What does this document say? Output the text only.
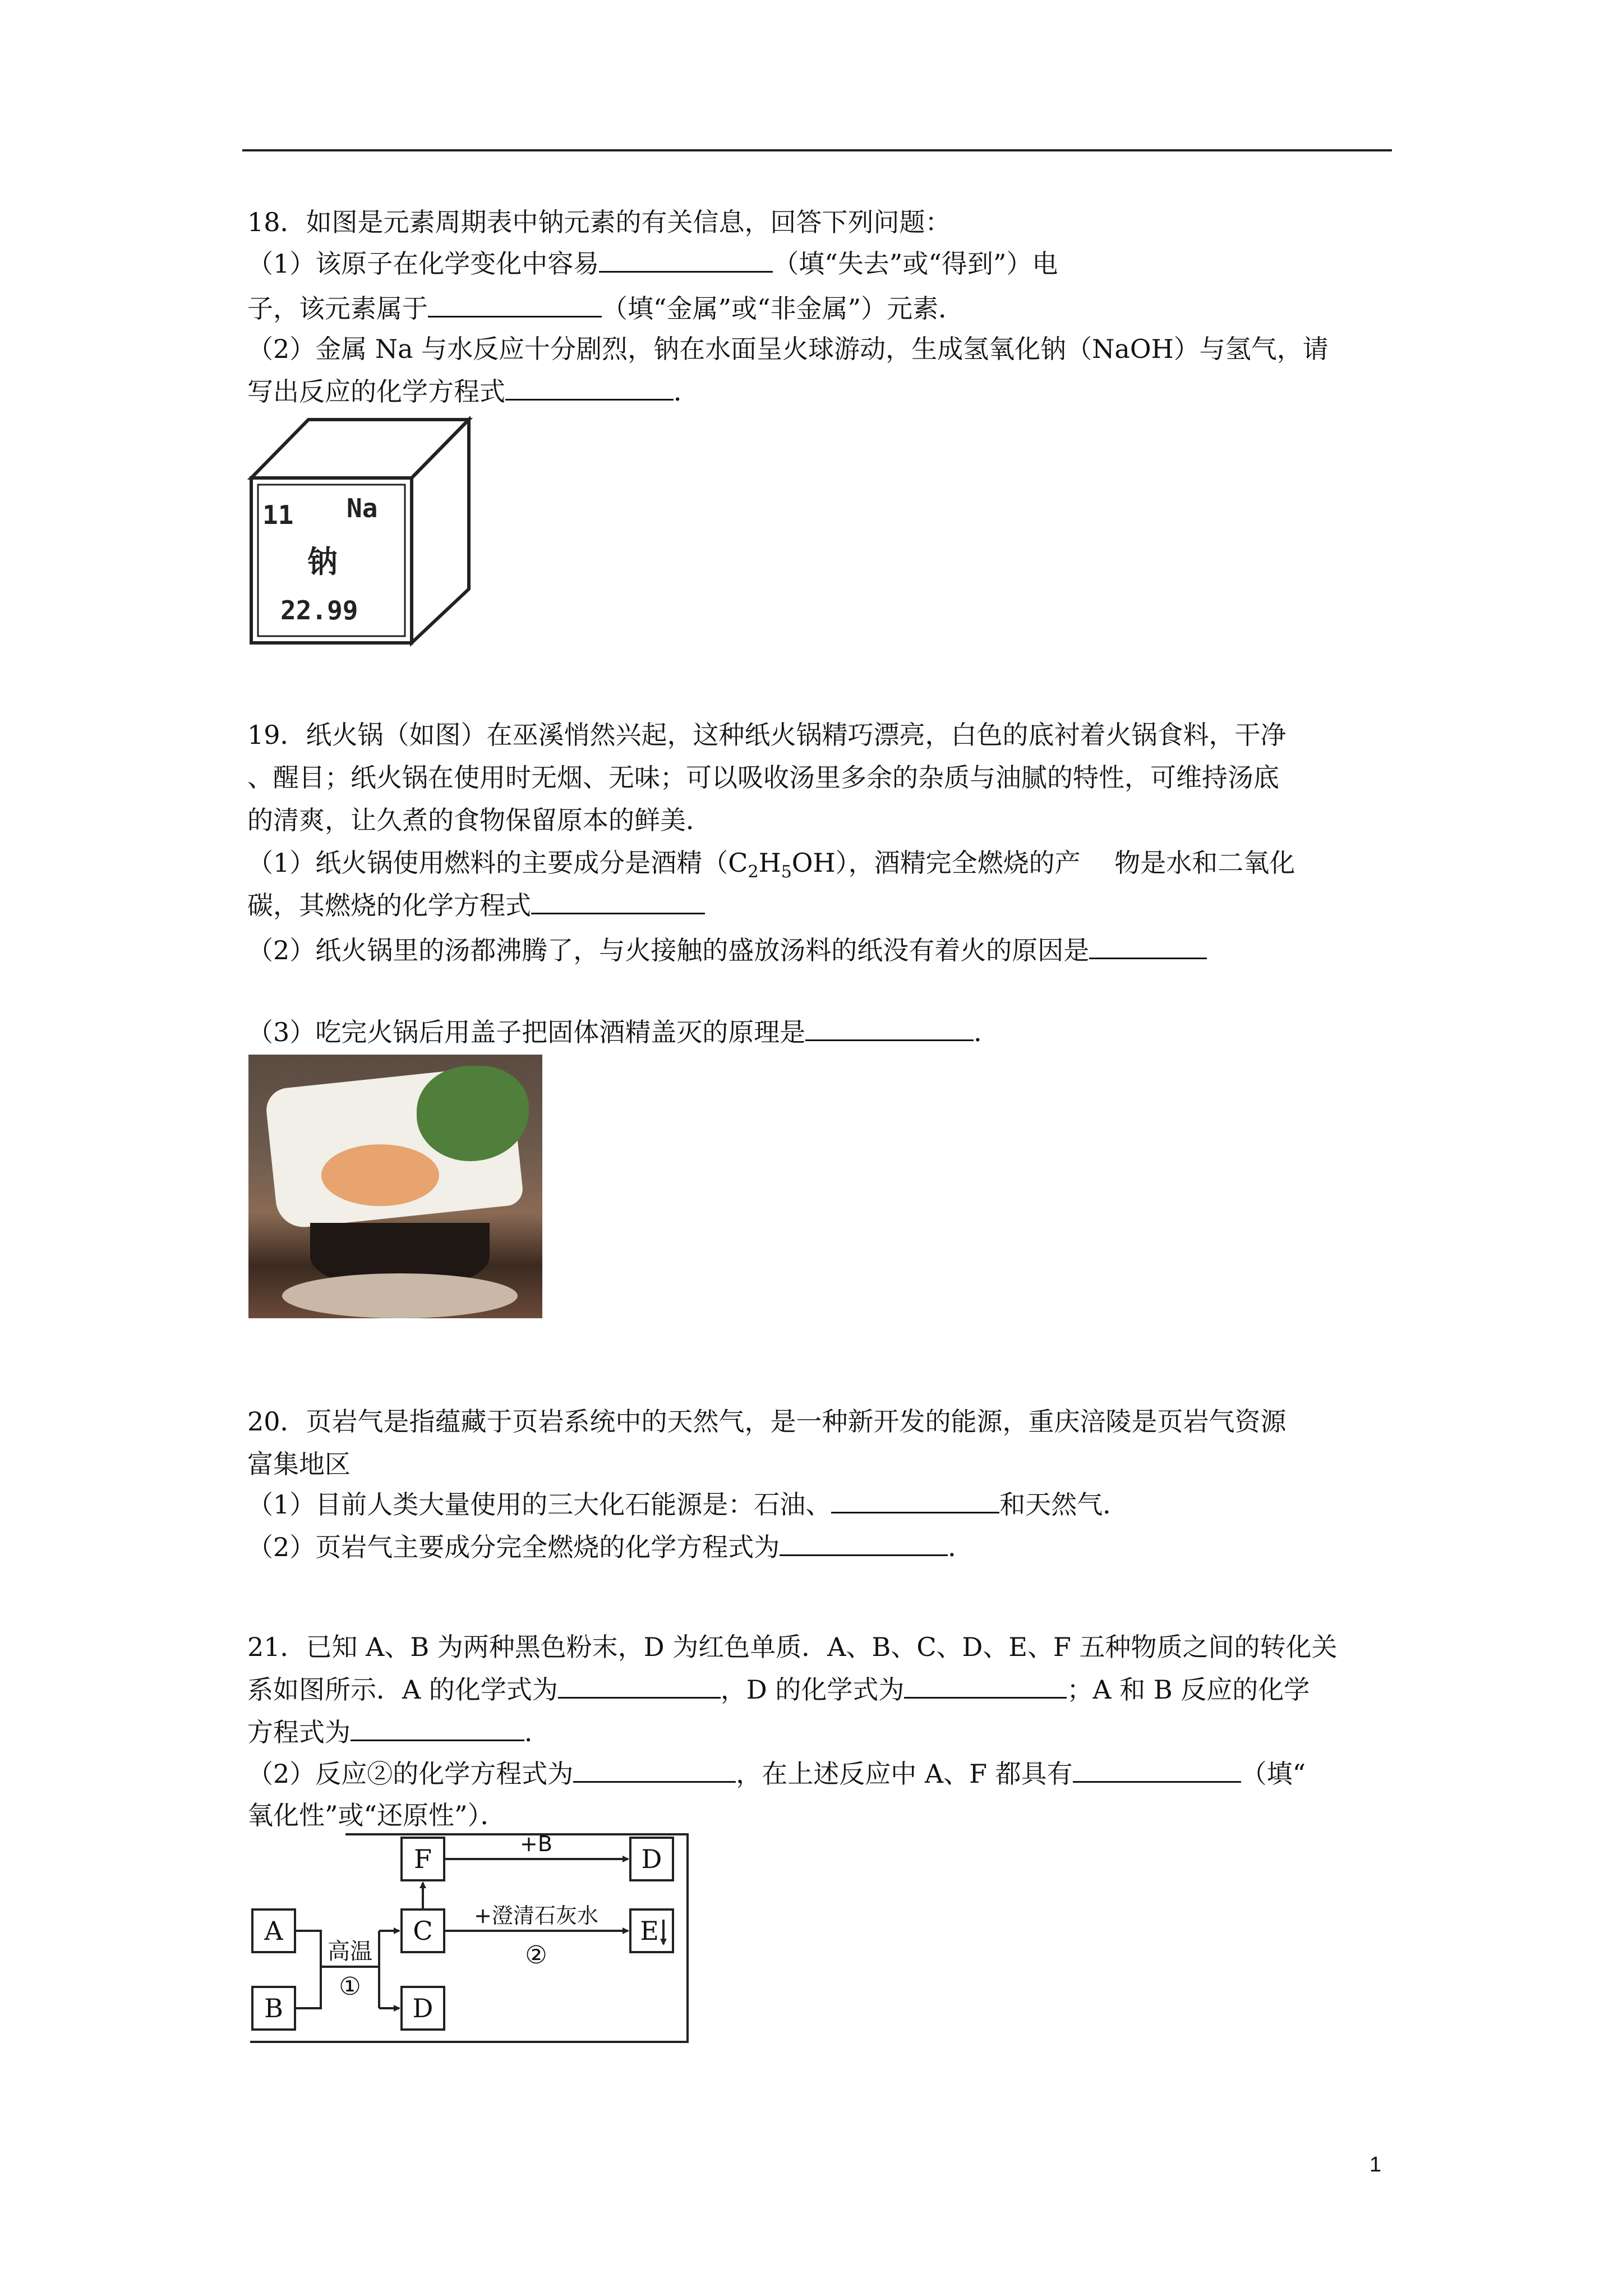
18．如图是元素周期表中钠元素的有关信息，回答下列问题：
（1）该原子在化学变化中容易	（填“失去”或“得到”）电
子，该元素属于	（填“金属”或“非金属”）元素．
（2）金属 Na 与水反应十分剧烈，钠在水面呈火球游动，生成氢氧化钠（NaOH）与氢气，请
写出反应的化学方程式	．
11 Na
钠
22.99
19．纸火锅（如图）在巫溪悄然兴起，这种纸火锅精巧漂亮，白色的底衬着火锅食料，干净
、醒目；纸火锅在使用时无烟、无味；可以吸收汤里多余的杂质与油腻的特性，可维持汤底
的清爽，让久煮的食物保留原本的鲜美．
（1）纸火锅使用燃料的主要成分是酒精$(C_2H_5OH)$，酒精完全燃烧的产　 物是水和二氧化
碳，其燃烧的化学方程式
（2）纸火锅里的汤都沸腾了，与火接触的盛放汤料的纸没有着火的原因是
（3）吃完火锅后用盖子把固体酒精盖灭的原理是	．
20．页岩气是指蕴藏于页岩系统中的天然气，是一种新开发的能源，重庆涪陵是页岩气资源
富集地区
（1）目前人类大量使用的三大化石能源是：石油、	和天然气．
（2）页岩气主要成分完全燃烧的化学方程式为	．
21．已知 A、B 为两种黑色粉末，D 为红色单质．A、B、C、D、E、F 五种物质之间的转化关
系如图所示．A 的化学式为	，D 的化学式为	；A 和 B 反应的化学
方程式为	．
（2）反应②的化学方程式为	，在上述反应中 A、F 都具有	（填“
氧化性”或“还原性”）．
A
B
C
F	D
E
D
高温
①
+B
+澄清石灰水
②
1
